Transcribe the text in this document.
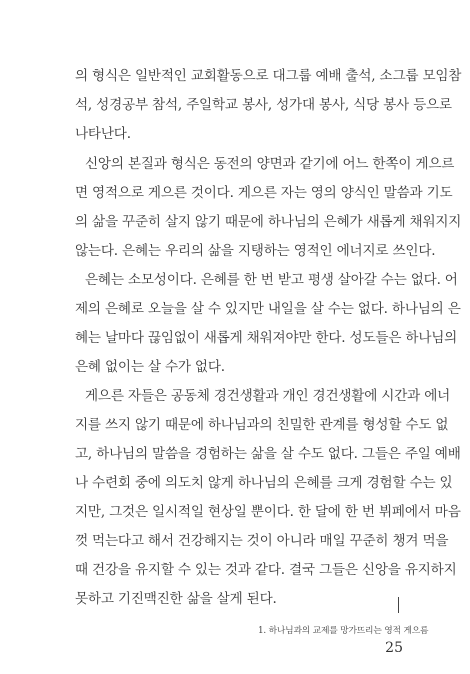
의 형식은 일반적인 교회활동으로 대그룹 예배 출석, 소그룹 모임참
석, 성경공부 참석, 주일학교 봉사, 성가대 봉사, 식당 봉사 등으로
나타난다.
신앙의 본질과 형식은 동전의 양면과 같기에 어느 한쪽이 게으르
면 영적으로 게으른 것이다. 게으른 자는 영의 양식인 말씀과 기도
의 삶을 꾸준히 살지 않기 때문에 하나님의 은혜가 새롭게 채워지지
않는다. 은혜는 우리의 삶을 지탱하는 영적인 에너지로 쓰인다.
은혜는 소모성이다. 은혜를 한 번 받고 평생 살아갈 수는 없다. 어
제의 은혜로 오늘을 살 수 있지만 내일을 살 수는 없다. 하나님의 은
혜는 날마다 끊임없이 새롭게 채워져야만 한다. 성도들은 하나님의
은혜 없이는 살 수가 없다.
게으른 자들은 공동체 경건생활과 개인 경건생활에 시간과 에너
지를 쓰지 않기 때문에 하나님과의 친밀한 관계를 형성할 수도 없
고, 하나님의 말씀을 경험하는 삶을 살 수도 없다. 그들은 주일 예배
나 수련회 중에 의도치 않게 하나님의 은혜를 크게 경험할 수는 있
지만, 그것은 일시적일 현상일 뿐이다. 한 달에 한 번 뷔페에서 마음
껏 먹는다고 해서 건강해지는 것이 아니라 매일 꾸준히 챙겨 먹을
때 건강을 유지할 수 있는 것과 같다. 결국 그들은 신앙을 유지하지
못하고 기진맥진한 삶을 살게 된다.
1. 하나님과의 교제를 망가뜨리는 영적 게으름
25
